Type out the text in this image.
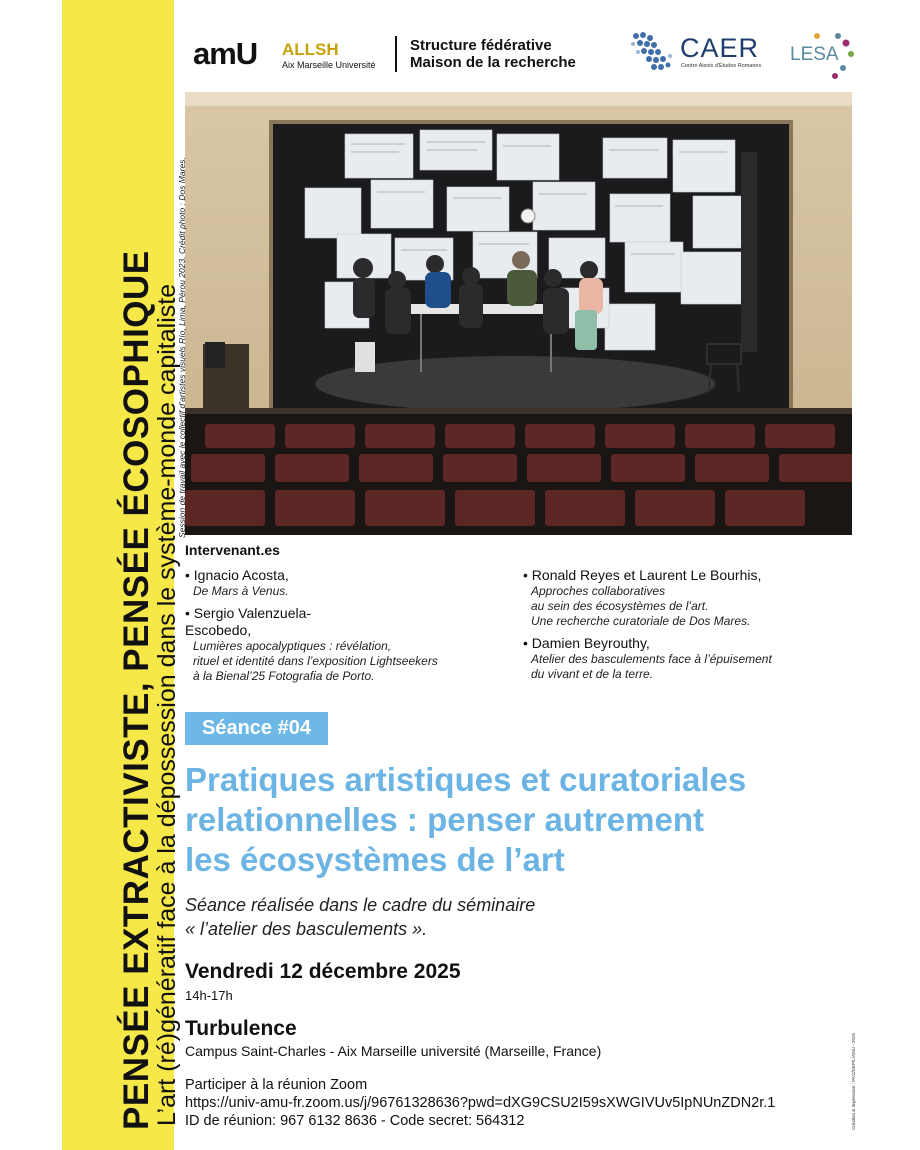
PENSÉE EXTRACTIVISTE, PENSÉE ÉCOSOPHIQUE
L’art (ré)génératif face à la dépossession dans le système-monde capitaliste
amU ALLSH
Aix Marseille Université
Structure fédérative
Maison de la recherche	CAER
Centre Aixois d'Études Romanes
LESA
Session de travail avec le collectif d’artistes visuels Río, Lima, Pérou 2023. Crédit photo : Dos Mares.
Intervenant.es
• Ignacio Acosta,
De Mars à Venus.
• Sergio Valenzuela-Escobedo,
Lumières apocalyptiques : révélation,
rituel et identité dans l’exposition Lightseekers
à la Bienal’25 Fotografia de Porto.
• Ronald Reyes et Laurent Le Bourhis,
Approches collaboratives
au sein des écosystèmes de l’art.
Une recherche curatoriale de Dos Mares.
• Damien Beyrouthy,
Atelier des basculements face à l’épuisement
du vivant et de la terre.
Séance #04
Pratiques artistiques et curatoriales
relationnelles : penser autrement
les écosystèmes de l’art
Séance réalisée dans le cadre du séminaire
« l’atelier des basculements ».
Vendredi 12 décembre 2025
14h-17h
Turbulence
Campus Saint-Charles - Aix Marseille université (Marseille, France)
Participer à la réunion Zoom
https://univ-amu-fr.zoom.us/j/96761328636?pwd=dXG9CSU2I59sXWGIVUv5IpNUnZDN2r.1
ID de réunion: 967 6132 8636 - Code secret: 564312	Création & Impression : PAO/DEPIL/AMU - 2025
